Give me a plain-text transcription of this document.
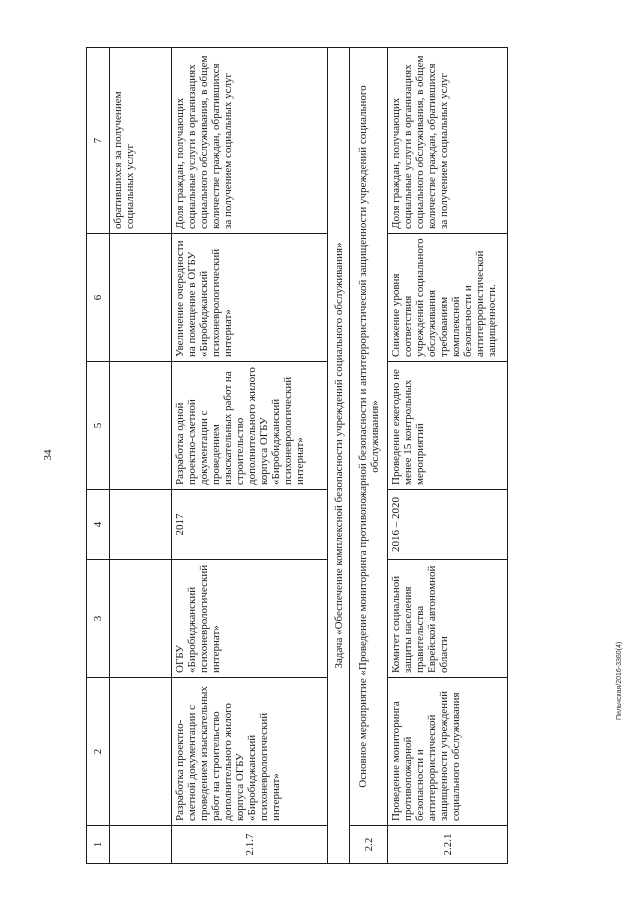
34
Пильчская/2016-3360(4)
1	2	3	4	5	6	7
						обратившихся за получением социальных услуг
2.1.7	Разработка проектно-сметной документации с проведением изыскательных работ на строительство дополнительного жилого корпуса ОГБУ «Биробиджанский психоневрологический интернат»	ОГБУ «Биробиджанский психоневрологический интернат»	2017	Разработка одной проектно-сметной документации с проведением изыскательных работ на строительство дополнительного жилого корпуса ОГБУ «Биробиджанский психоневрологический интернат»	Увеличение очередности на помещение в ОГБУ «Биробиджанский психоневрологический интернат»	Доля граждан, получающих социальные услуги в организациях социального обслуживания, в общем количестве граждан, обратившихся за получением социальных услуг
Задача «Обеспечение комплексной безопасности учреждений социального обслуживания»						
2.2	Основное мероприятие «Проведение мониторинга противопожарной безопасности и антитеррористической защищенности учреждений социального обслуживания»					
2.2.1	Проведение мониторинга противопожарной безопасности и антитеррористической защищенности учреждений социального обслуживания	Комитет социальной защиты населения правительства Еврейской автономной области	2016 – 2020	Проведение ежегодно не менее 15 контрольных мероприятий	Снижение уровня соответствия учреждений социального обслуживания требованиям комплексной безопасности и антитеррористической защищенности.	Доля граждан, получающих социальные услуги в организациях социального обслуживания, в общем количестве граждан, обратившихся за получением социальных услуг
